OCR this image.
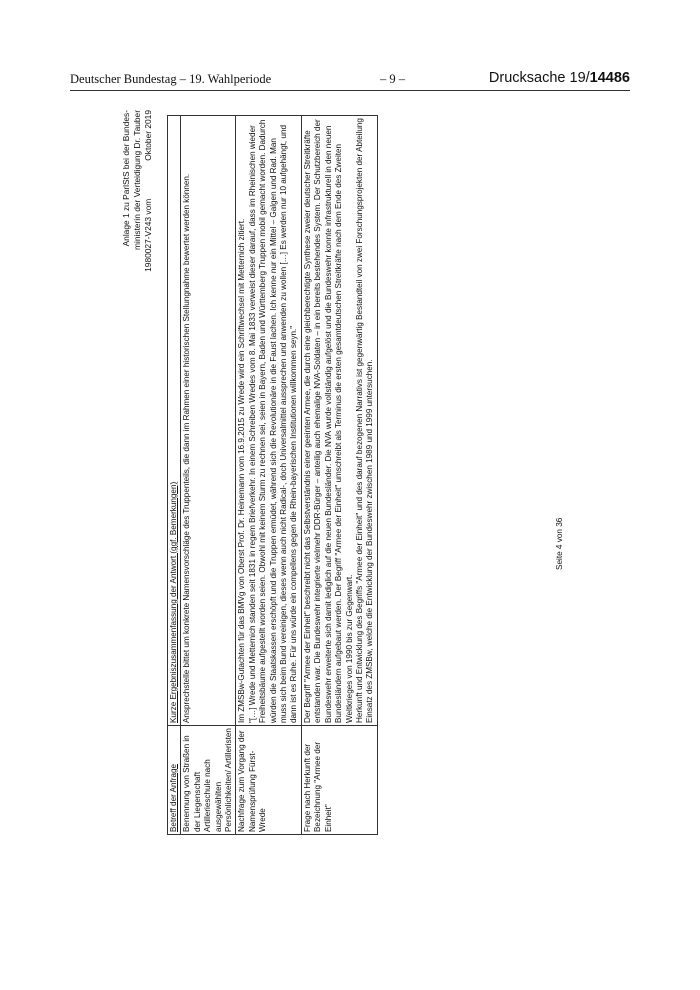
Deutscher Bundestag – 19. Wahlperiode	– 9 –	Drucksache 19/14486
Anlage 1 zu ParlStS bei der Bundes- ministerin der Verteidigung Dr. Tauber 1980027-V243 vom
Oktober 2019
Betreff der Anfrage	Kurze Ergebniszusammenfassung der Antwort (ggf. Bemerkungen)
Benennung von Straßen in der Liegenschaft Artillerieschule nach ausgewählten Persönlichkeiten/ Artilleristen	Ansprechstelle bittet um konkrete Namensvorschläge des Truppenteils, die dann im Rahmen einer historischen Stellungnahme bewertet werden können.

Nachfrage zum Vorgang der Namensprüfung Fürst-Wrede	Im ZMSBw-Gutachten für das BMVg von Oberst Prof. Dr. Heinemann vom 16.9.2015 zu Wrede wird ein Schriftwechsel mit Metternich zitiert. "[…] Wrede und Metternich standen seit 1831 in regem Briefverkehr. In einem Schreiben Wredes vom 8. Mai 1833 verweist dieser darauf, dass im Rheinischen wieder Freiheitsbäume aufgestellt worden seien. Obwohl mit keinem Sturm zu rechnen sei, seien in Bayern, Baden und Württemberg Truppen mobil gemacht worden. Dadurch würden die Staatskassen erschöpft und die Truppen ermüdet, während sich die Revolutionäre in die Faust lachen. Ich kenne nur ein Mittel – Galgen und Rad. Man muss sich beim Bund vereinigen, dieses wenn auch nicht Radical-, doch Universalmittel aussprechen und anwenden zu wollen […] Es werden nur 10 aufgehängt, und dann ist es Ruhe. Für uns würde ein compellens gegen die Rhein-bayerischen Institutionen willkommen seyn."

Frage nach Herkunft der Bezeichnung "Armee der Einheit"	Der Begriff "Armee der Einheit" beschreibt nicht das Selbstverständnis einer geeinten Armee, die durch eine gleichberechtigte Synthese zweier deutscher Streitkräfte entstanden war. Die Bundeswehr integrierte vielmehr DDR-Bürger – anteilig auch ehemalige NVA-Soldaten – in ein bereits bestehendes System. Der Schutzbereich der Bundeswehr erweiterte sich damit lediglich auf die neuen Bundesländer. Die NVA wurde vollständig aufgelöst und die Bundeswehr konnte infrastrukturell in den neuen Bundesländern aufgebaut werden. Der Begriff "Armee der Einheit" umschreibt als Terminus die ersten gesamtdeutschen Streitkräfte nach dem Ende des Zweiten Weltkrieges von 1990 bis zur Gegenwart. Herkunft und Entwicklung des Begriffs "Armee der Einheit" und des darauf bezogenen Narrativs ist gegenwärtig Bestandteil von zwei Forschungsprojekten der Abteilung Einsatz des ZMSBw, welche die Entwicklung der Bundeswehr zwischen 1989 und 1999 untersuchen.	Seite 4 von 36
